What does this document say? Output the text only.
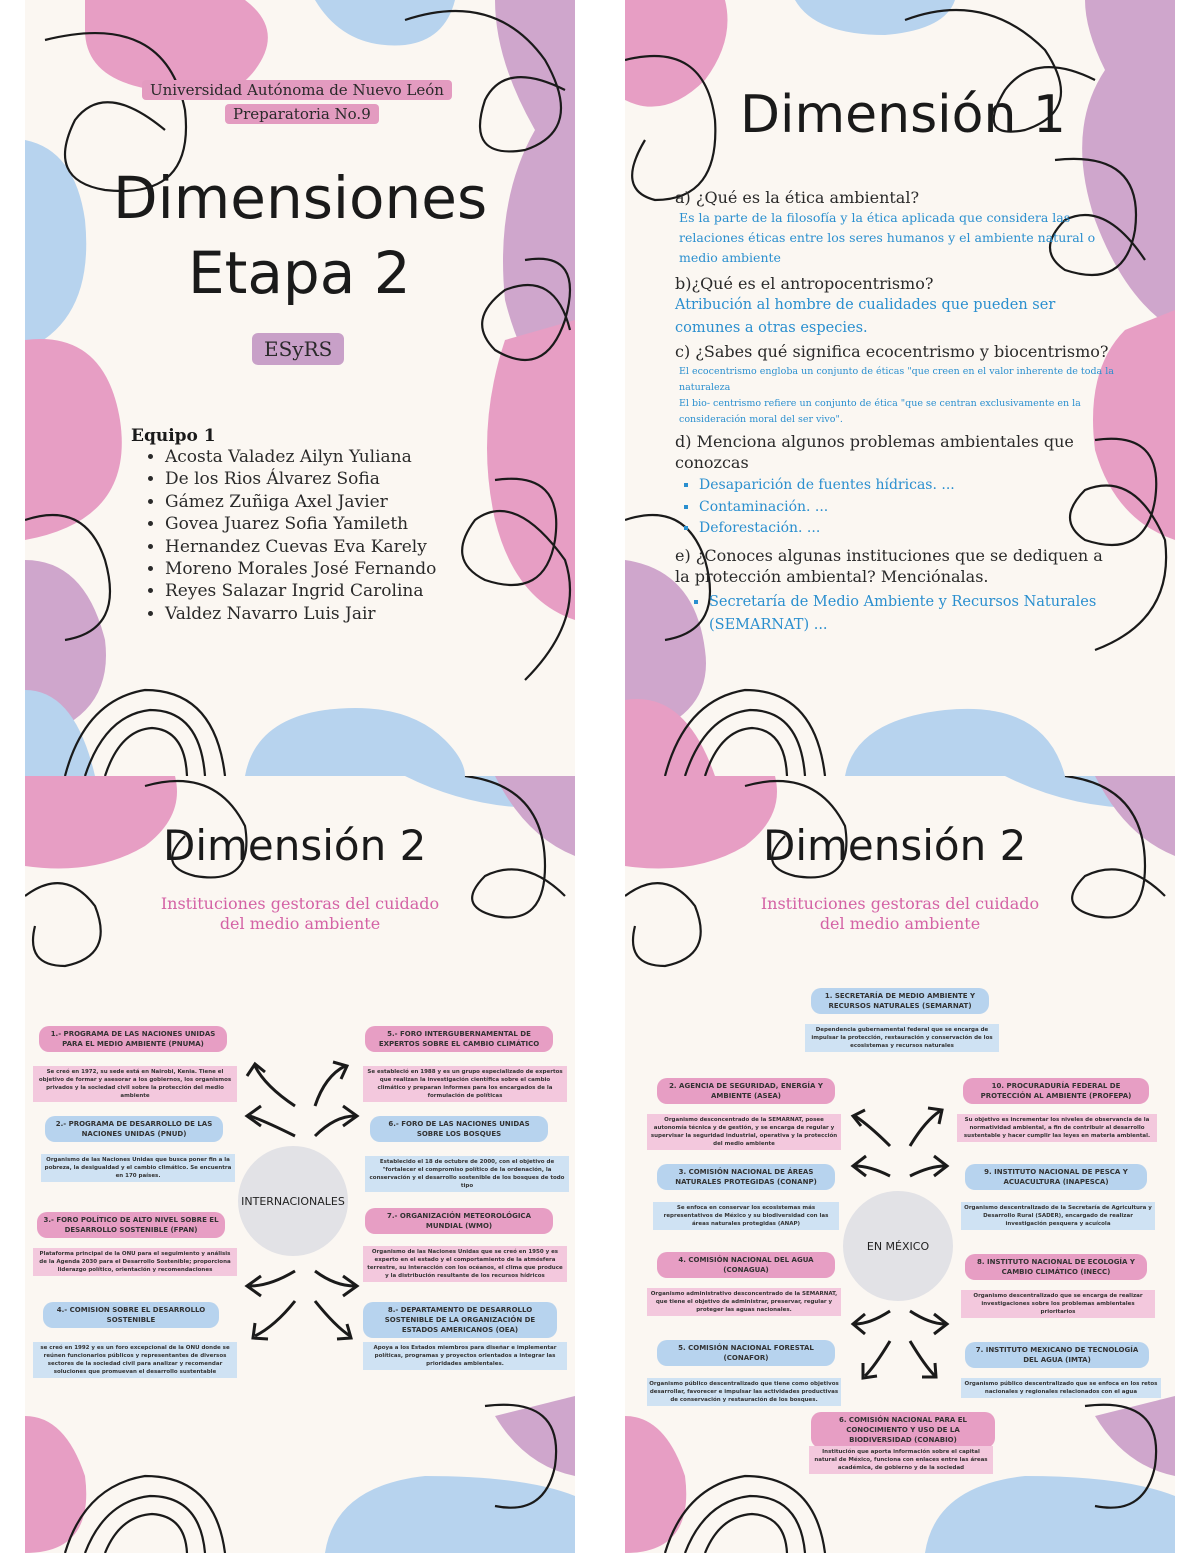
Universidad Autónoma de Nuevo León
Preparatoria No.9
Dimensiones
Etapa 2
ESyRS
Equipo 1
• Acosta Valadez Ailyn Yuliana
• De los Rios Álvarez Sofia
• Gámez Zuñiga Axel Javier
• Govea Juarez Sofia Yamileth
• Hernandez Cuevas Eva Karely
• Moreno Morales José Fernando
• Reyes Salazar Ingrid Carolina
• Valdez Navarro Luis Jair
Dimensión 1
a) ¿Qué es la ética ambiental?
Es la parte de la filosofía y la ética aplicada que considera las relaciones éticas entre los seres humanos y el ambiente natural o medio ambiente
b)¿Qué es el antropocentrismo?
Atribución al hombre de cualidades que pueden ser comunes a otras especies.
c) ¿Sabes qué significa ecocentrismo y biocentrismo?
El ecocentrismo engloba un conjunto de éticas "que creen en el valor inherente de toda la naturaleza
El bio- centrismo refiere un conjunto de ética "que se centran exclusivamente en la consideración moral del ser vivo".
d) Menciona algunos problemas ambientales que conozcas
▪ Desaparición de fuentes hídricas. ...
▪ Contaminación. ...
▪ Deforestación. ...
e) ¿Conoces algunas instituciones que se dediquen a la protección ambiental? Menciónalas.
▪ Secretaría de Medio Ambiente y Recursos Naturales (SEMARNAT) ...
Dimensión 2
Instituciones gestoras del cuidado
del medio ambiente
INTERNACIONALES
1.- PROGRAMA DE LAS NACIONES UNIDAS PARA EL MEDIO AMBIENTE (PNUMA)
Se creó en 1972, su sede está en Nairobi, Kenia. Tiene el objetivo de formar y asesorar a los gobiernos, los organismos privados y la sociedad civil sobre la protección del medio ambiente
2.- PROGRAMA DE DESARROLLO DE LAS NACIONES UNIDAS (PNUD)
Organismo de las Naciones Unidas que busca poner fin a la pobreza, la desigualdad y el cambio climático. Se encuentra en 170 países.
3.- FORO POLÍTICO DE ALTO NIVEL SOBRE EL DESARROLLO SOSTENIBLE (FPAN)
Plataforma principal de la ONU para el seguimiento y análisis de la Agenda 2030 para el Desarrollo Sostenible; proporciona liderazgo político, orientación y recomendaciones
4.- COMISION SOBRE EL DESARROLLO SOSTENIBLE
se creó en 1992 y es un foro excepcional de la ONU donde se reúnen funcionarios públicos y representantes de diversos sectores de la sociedad civil para analizar y recomendar soluciones que promuevan el desarrollo sustentable
5.- FORO INTERGUBERNAMENTAL DE EXPERTOS SOBRE EL CAMBIO CLIMÁTICO
Se estableció en 1988 y es un grupo especializado de expertos que realizan la investigación científica sobre el cambio climático y preparan informes para los encargados de la formulación de políticas
6.- FORO DE LAS NACIONES UNIDAS SOBRE LOS BOSQUES
Establecido el 18 de octubre de 2000, con el objetivo de "fortalecer el compromiso político de la ordenación, la conservación y el desarrollo sostenible de los bosques de todo tipo
7.- ORGANIZACIÓN METEOROLÓGICA MUNDIAL (WMO)
Organismo de las Naciones Unidas que se creó en 1950 y es experto en el estado y el comportamiento de la atmósfera terrestre, su interacción con los océanos, el clima que produce y la distribución resultante de los recursos hídricos
8.- DEPARTAMENTO DE DESARROLLO SOSTENIBLE DE LA ORGANIZACIÓN DE ESTADOS AMERICANOS (OEA)
Apoya a los Estados miembros para diseñar e implementar políticas, programas y proyectos orientados a integrar las prioridades ambientales.
Dimensión 2
Instituciones gestoras del cuidado
del medio ambiente
EN MÉXICO
1. SECRETARÍA DE MEDIO AMBIENTE Y RECURSOS NATURALES (SEMARNAT)
Dependencia gubernamental federal que se encarga de impulsar la protección, restauración y conservación de los ecosistemas y recursos naturales
2. AGENCIA DE SEGURIDAD, ENERGÍA Y AMBIENTE (ASEA)
Organismo desconcentrado de la SEMARNAT, posee autonomía técnica y de gestión, y se encarga de regular y supervisar la seguridad industrial, operativa y la protección del medio ambiente
3. COMISIÓN NACIONAL DE ÁREAS NATURALES PROTEGIDAS (CONANP)
Se enfoca en conservar los ecosistemas más representativos de México y su biodiversidad con las áreas naturales protegidas (ANAP)
4. COMISIÓN NACIONAL DEL AGUA (CONAGUA)
Organismo administrativo desconcentrado de la SEMARNAT, que tiene el objetivo de administrar, preservar, regular y proteger las aguas nacionales.
5. COMISIÓN NACIONAL FORESTAL (CONAFOR)
Organismo público descentralizado que tiene como objetivos desarrollar, favorecer e impulsar las actividades productivas de conservación y restauración de los bosques.
6. COMISIÓN NACIONAL PARA EL CONOCIMIENTO Y USO DE LA BIODIVERSIDAD (CONABIO)
Institución que aporta información sobre el capital natural de México, funciona con enlaces entre las áreas académica, de gobierno y de la sociedad
10. PROCURADURÍA FEDERAL DE PROTECCIÓN AL AMBIENTE (PROFEPA)
Su objetivo es incrementar los niveles de observancia de la normatividad ambiental, a fin de contribuir al desarrollo sustentable y hacer cumplir las leyes en materia ambiental.
9. INSTITUTO NACIONAL DE PESCA Y ACUACULTURA (INAPESCA)
Organismo descentralizado de la Secretaría de Agricultura y Desarrollo Rural (SADER), encargado de realizar investigación pesquera y acuícola
8. INSTITUTO NACIONAL DE ECOLOGÍA Y CAMBIO CLIMÁTICO (INECC)
Organismo descentralizado que se encarga de realizar investigaciones sobre los problemas ambientales prioritarios
7. INSTITUTO MEXICANO DE TECNOLOGÍA DEL AGUA (IMTA)
Organismo público descentralizado que se enfoca en los retos nacionales y regionales relacionados con el agua
